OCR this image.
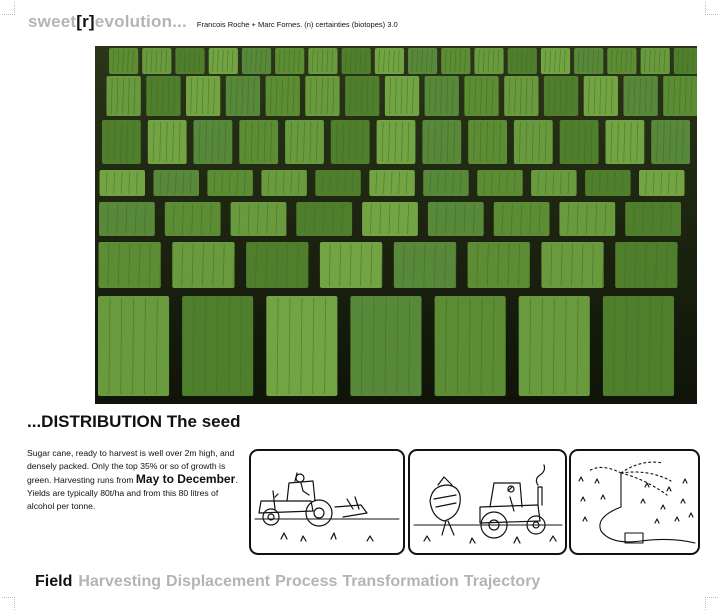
sweet[r]evolution... Francois Roche + Marc Fornes. (n) certainties (biotopes) 3.0
...DISTRIBUTION The seed
Sugar cane, ready to harvest is well over 2m high, and densely packed. Only the top 35% or so of growth is green. Harvesting runs from May to December. Yields are typically 80t/ha and from this 80 litres of alcohol per tonne.
Field Harvesting Displacement Process Transformation Trajectory
